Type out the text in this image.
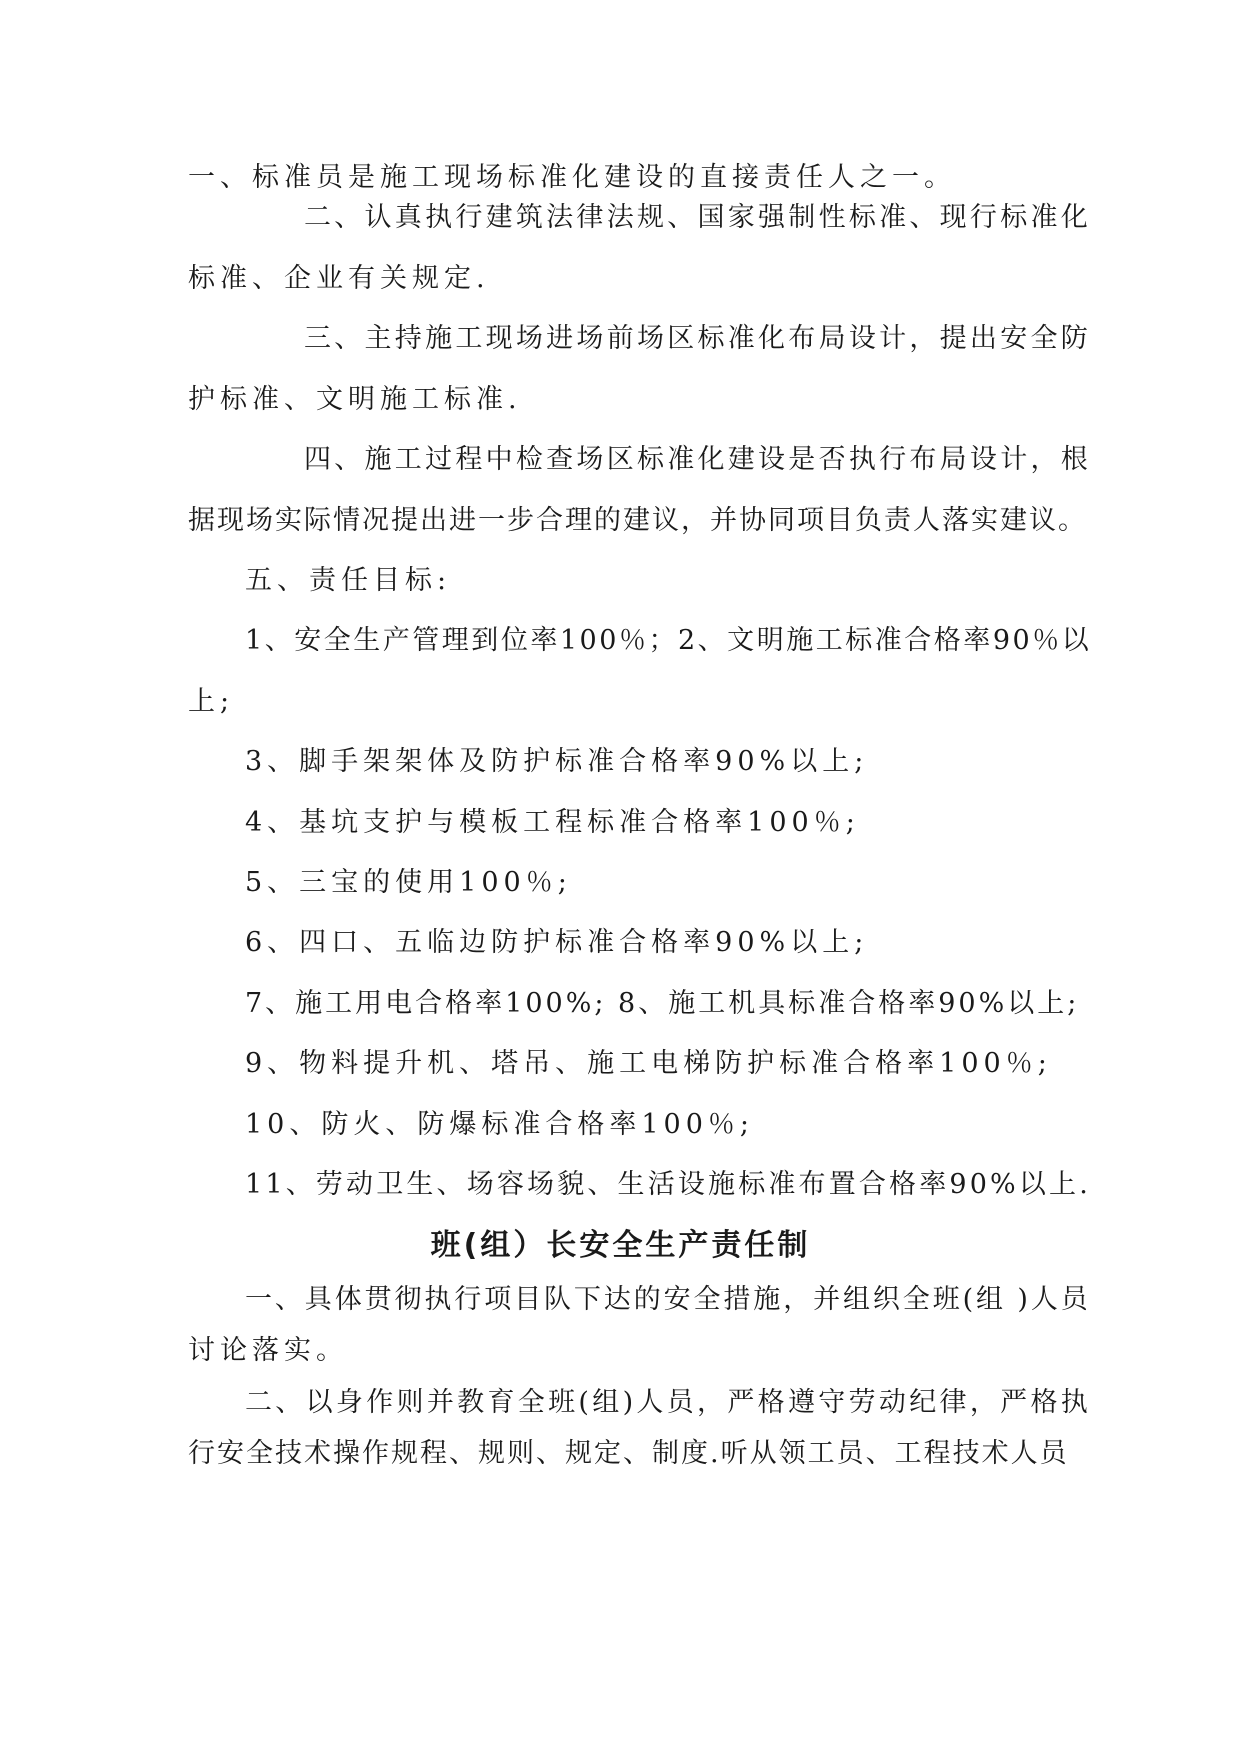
一、标准员是施工现场标准化建设的直接责任人之一。
二、认真执行建筑法律法规、国家强制性标准、现行标准化
标准、企业有关规定.
三、主持施工现场进场前场区标准化布局设计，提出安全防
护标准、文明施工标准.
四、施工过程中检查场区标准化建设是否执行布局设计，根
据现场实际情况提出进一步合理的建议，并协同项目负责人落实建议。
五、责任目标:
1、安全生产管理到位率100％；2、文明施工标准合格率90％以
上;
3、脚手架架体及防护标准合格率90%以上;
4、基坑支护与模板工程标准合格率100％;
5、三宝的使用100％;
6、四口、五临边防护标准合格率90%以上;
7、施工用电合格率100%; 8、施工机具标准合格率90%以上;
9、物料提升机、塔吊、施工电梯防护标准合格率100％;
10、防火、防爆标准合格率100％;
11、劳动卫生、场容场貌、生活设施标准布置合格率90%以上.
班(组）长安全生产责任制
一、具体贯彻执行项目队下达的安全措施，并组织全班(组 )人员
讨论落实。
二、以身作则并教育全班(组)人员，严格遵守劳动纪律，严格执
行安全技术操作规程、规则、规定、制度.听从领工员、工程技术人员
